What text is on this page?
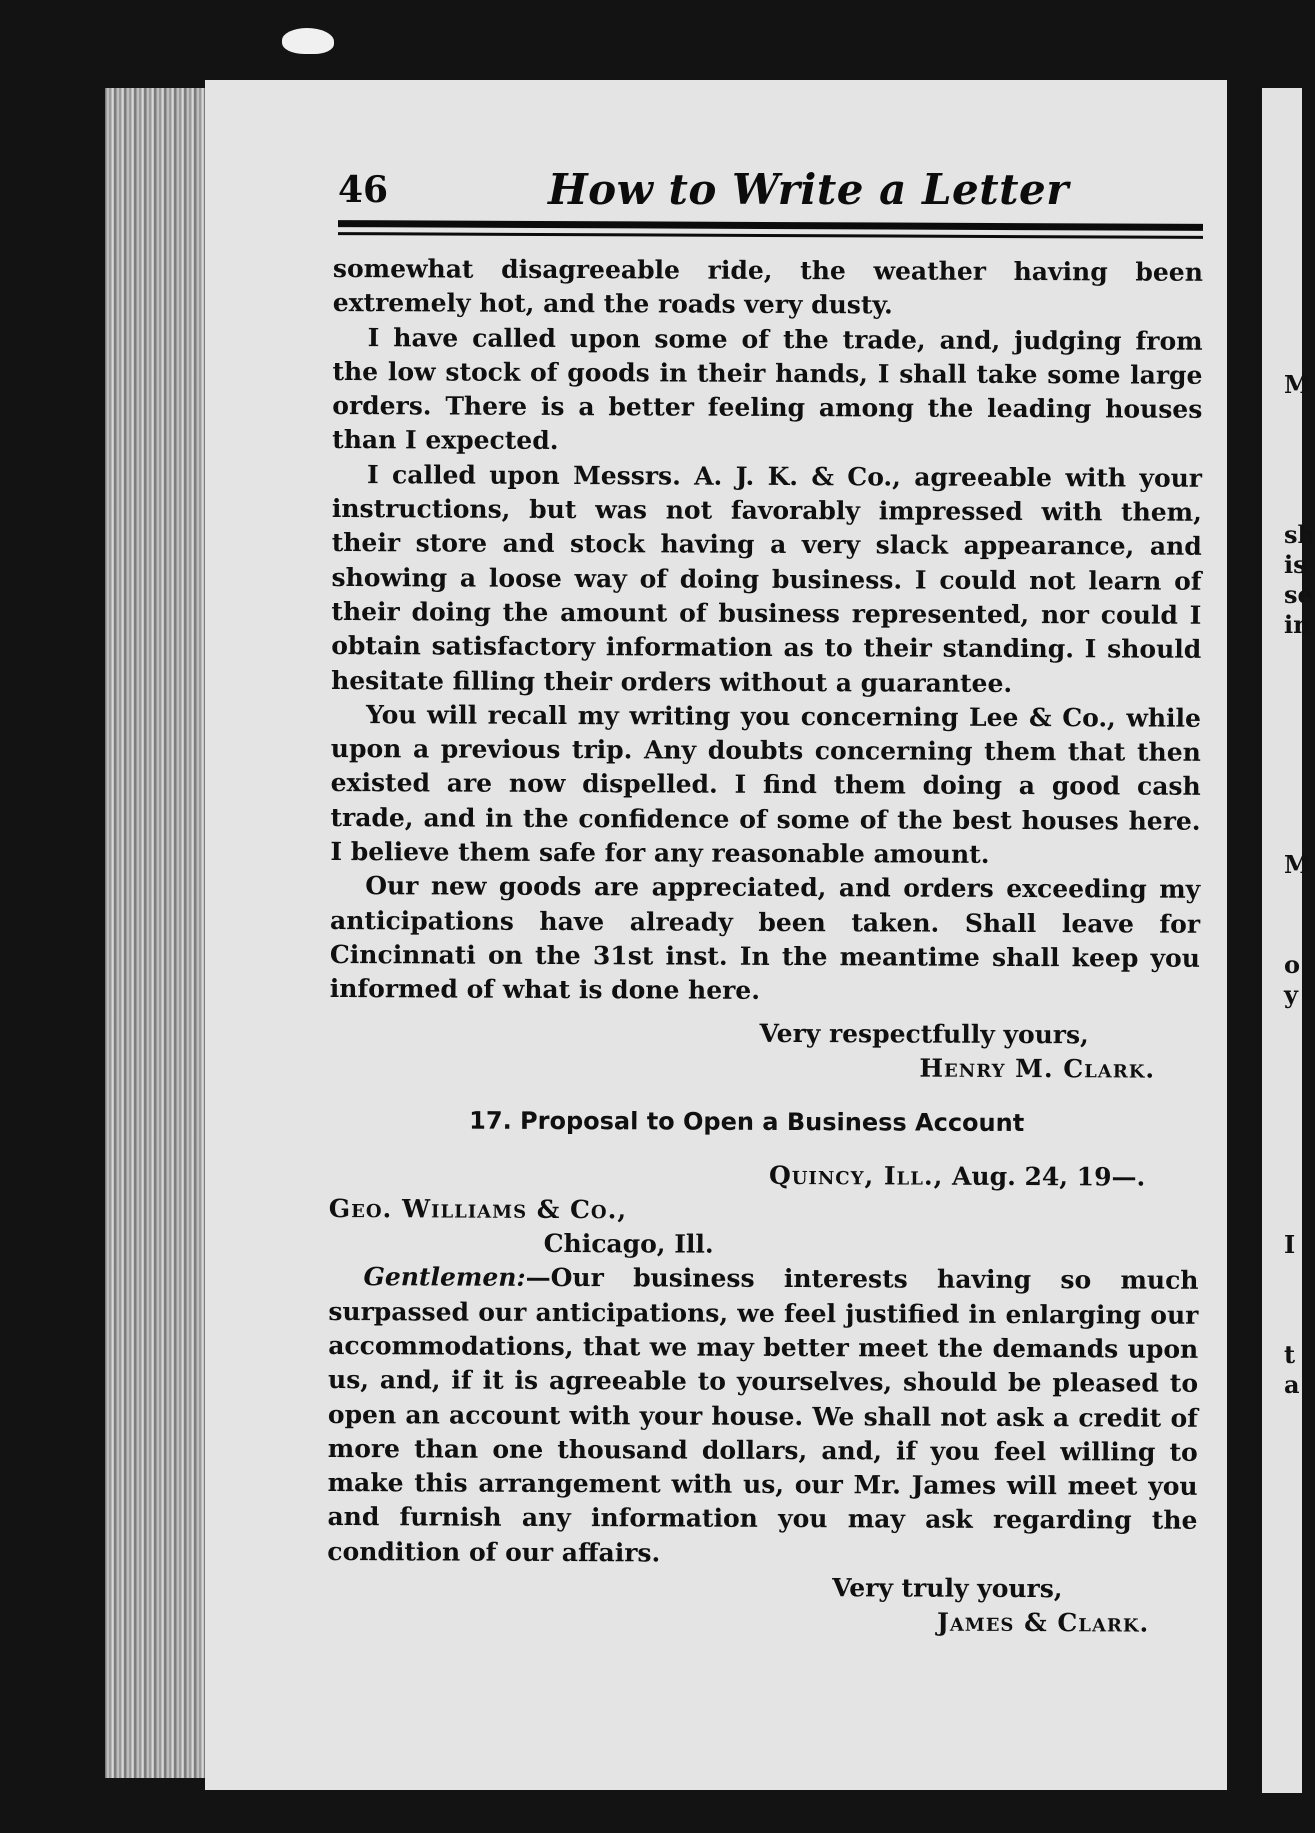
M
sh
is
se
in
M
o
y
I
t
a
46	How to Write a Letter

somewhat disagreeable ride, the weather having been extremely hot, and the roads very dusty.

I have called upon some of the trade, and, judging from the low stock of goods in their hands, I shall take some large orders. There is a better feeling among the leading houses than I expected.

I called upon Messrs. A. J. K. & Co., agreeable with your instructions, but was not favorably impressed with them, their store and stock having a very slack appearance, and showing a loose way of doing business. I could not learn of their doing the amount of business represented, nor could I obtain satisfactory information as to their standing. I should hesitate filling their orders without a guarantee.

You will recall my writing you concerning Lee & Co., while upon a previous trip. Any doubts concerning them that then existed are now dispelled. I find them doing a good cash trade, and in the confidence of some of the best houses here. I believe them safe for any reasonable amount.

Our new goods are appreciated, and orders exceeding my anticipations have already been taken. Shall leave for Cincinnati on the 31st inst. In the meantime shall keep you informed of what is done here.

Very respectfully yours,

Henry M. Clark.

17. Proposal to Open a Business Account

Quincy, Ill., Aug. 24, 19—.

Geo. Williams & Co.,

Chicago, Ill.

Gentlemen:—Our business interests having so much surpassed our anticipations, we feel justified in enlarging our accommodations, that we may better meet the demands upon us, and, if it is agreeable to yourselves, should be pleased to open an account with your house. We shall not ask a credit of more than one thousand dollars, and, if you feel willing to make this arrangement with us, our Mr. James will meet you and furnish any information you may ask regarding the condition of our affairs.

Very truly yours,

James & Clark.
